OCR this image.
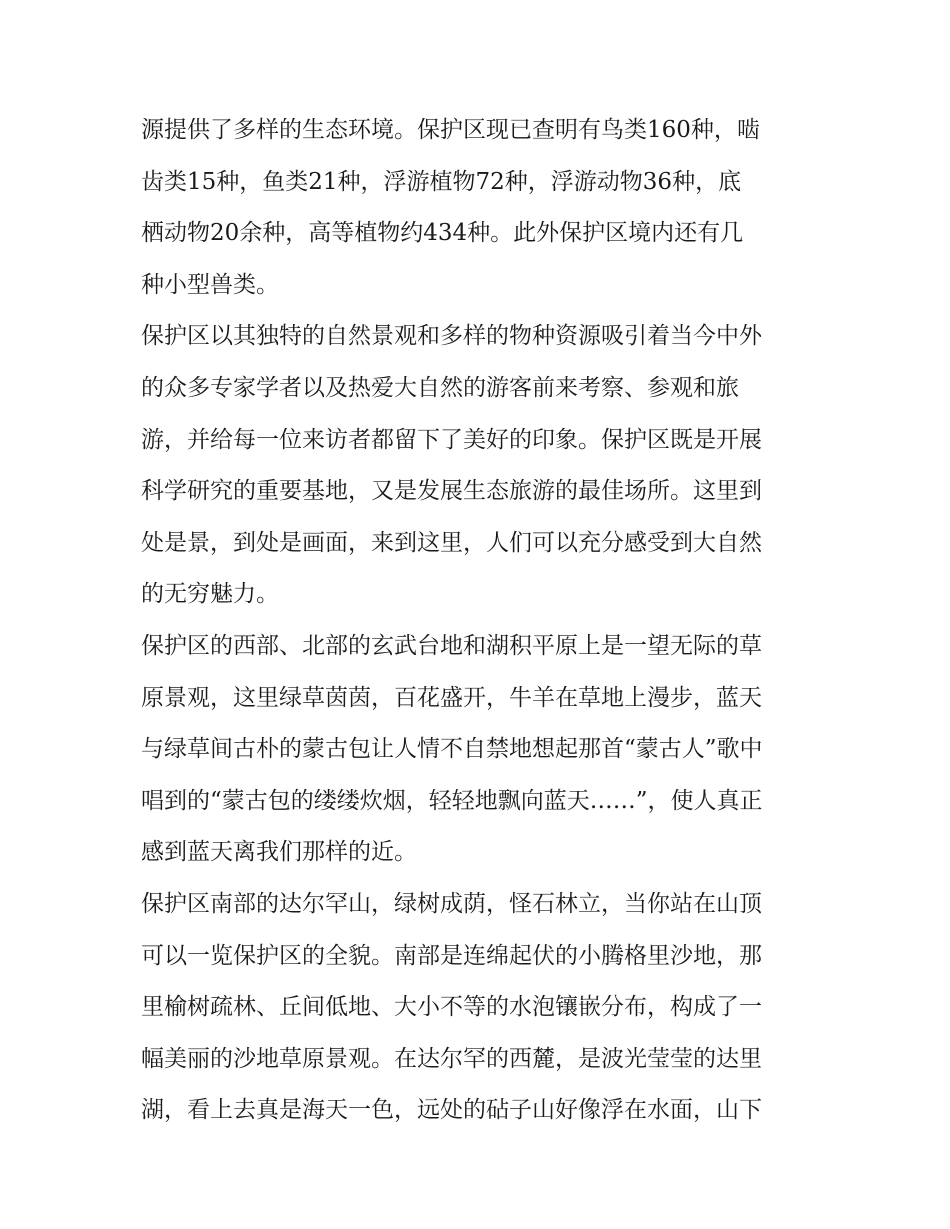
源提供了多样的生态环境。保护区现已查明有鸟类160种，啮
齿类15种，鱼类21种，浮游植物72种，浮游动物36种，底
栖动物20余种，高等植物约434种。此外保护区境内还有几
种小型兽类。
保护区以其独特的自然景观和多样的物种资源吸引着当今中外
的众多专家学者以及热爱大自然的游客前来考察、参观和旅
游，并给每一位来访者都留下了美好的印象。保护区既是开展
科学研究的重要基地，又是发展生态旅游的最佳场所。这里到
处是景，到处是画面，来到这里，人们可以充分感受到大自然
的无穷魅力。
保护区的西部、北部的玄武台地和湖积平原上是一望无际的草
原景观，这里绿草茵茵，百花盛开，牛羊在草地上漫步，蓝天
与绿草间古朴的蒙古包让人情不自禁地想起那首“蒙古人”歌中
唱到的“蒙古包的缕缕炊烟，轻轻地飘向蓝天……”，使人真正
感到蓝天离我们那样的近。
保护区南部的达尔罕山，绿树成荫，怪石林立，当你站在山顶
可以一览保护区的全貌。南部是连绵起伏的小腾格里沙地，那
里榆树疏林、丘间低地、大小不等的水泡镶嵌分布，构成了一
幅美丽的沙地草原景观。在达尔罕的西麓，是波光莹莹的达里
湖，看上去真是海天一色，远处的砧子山好像浮在水面，山下
